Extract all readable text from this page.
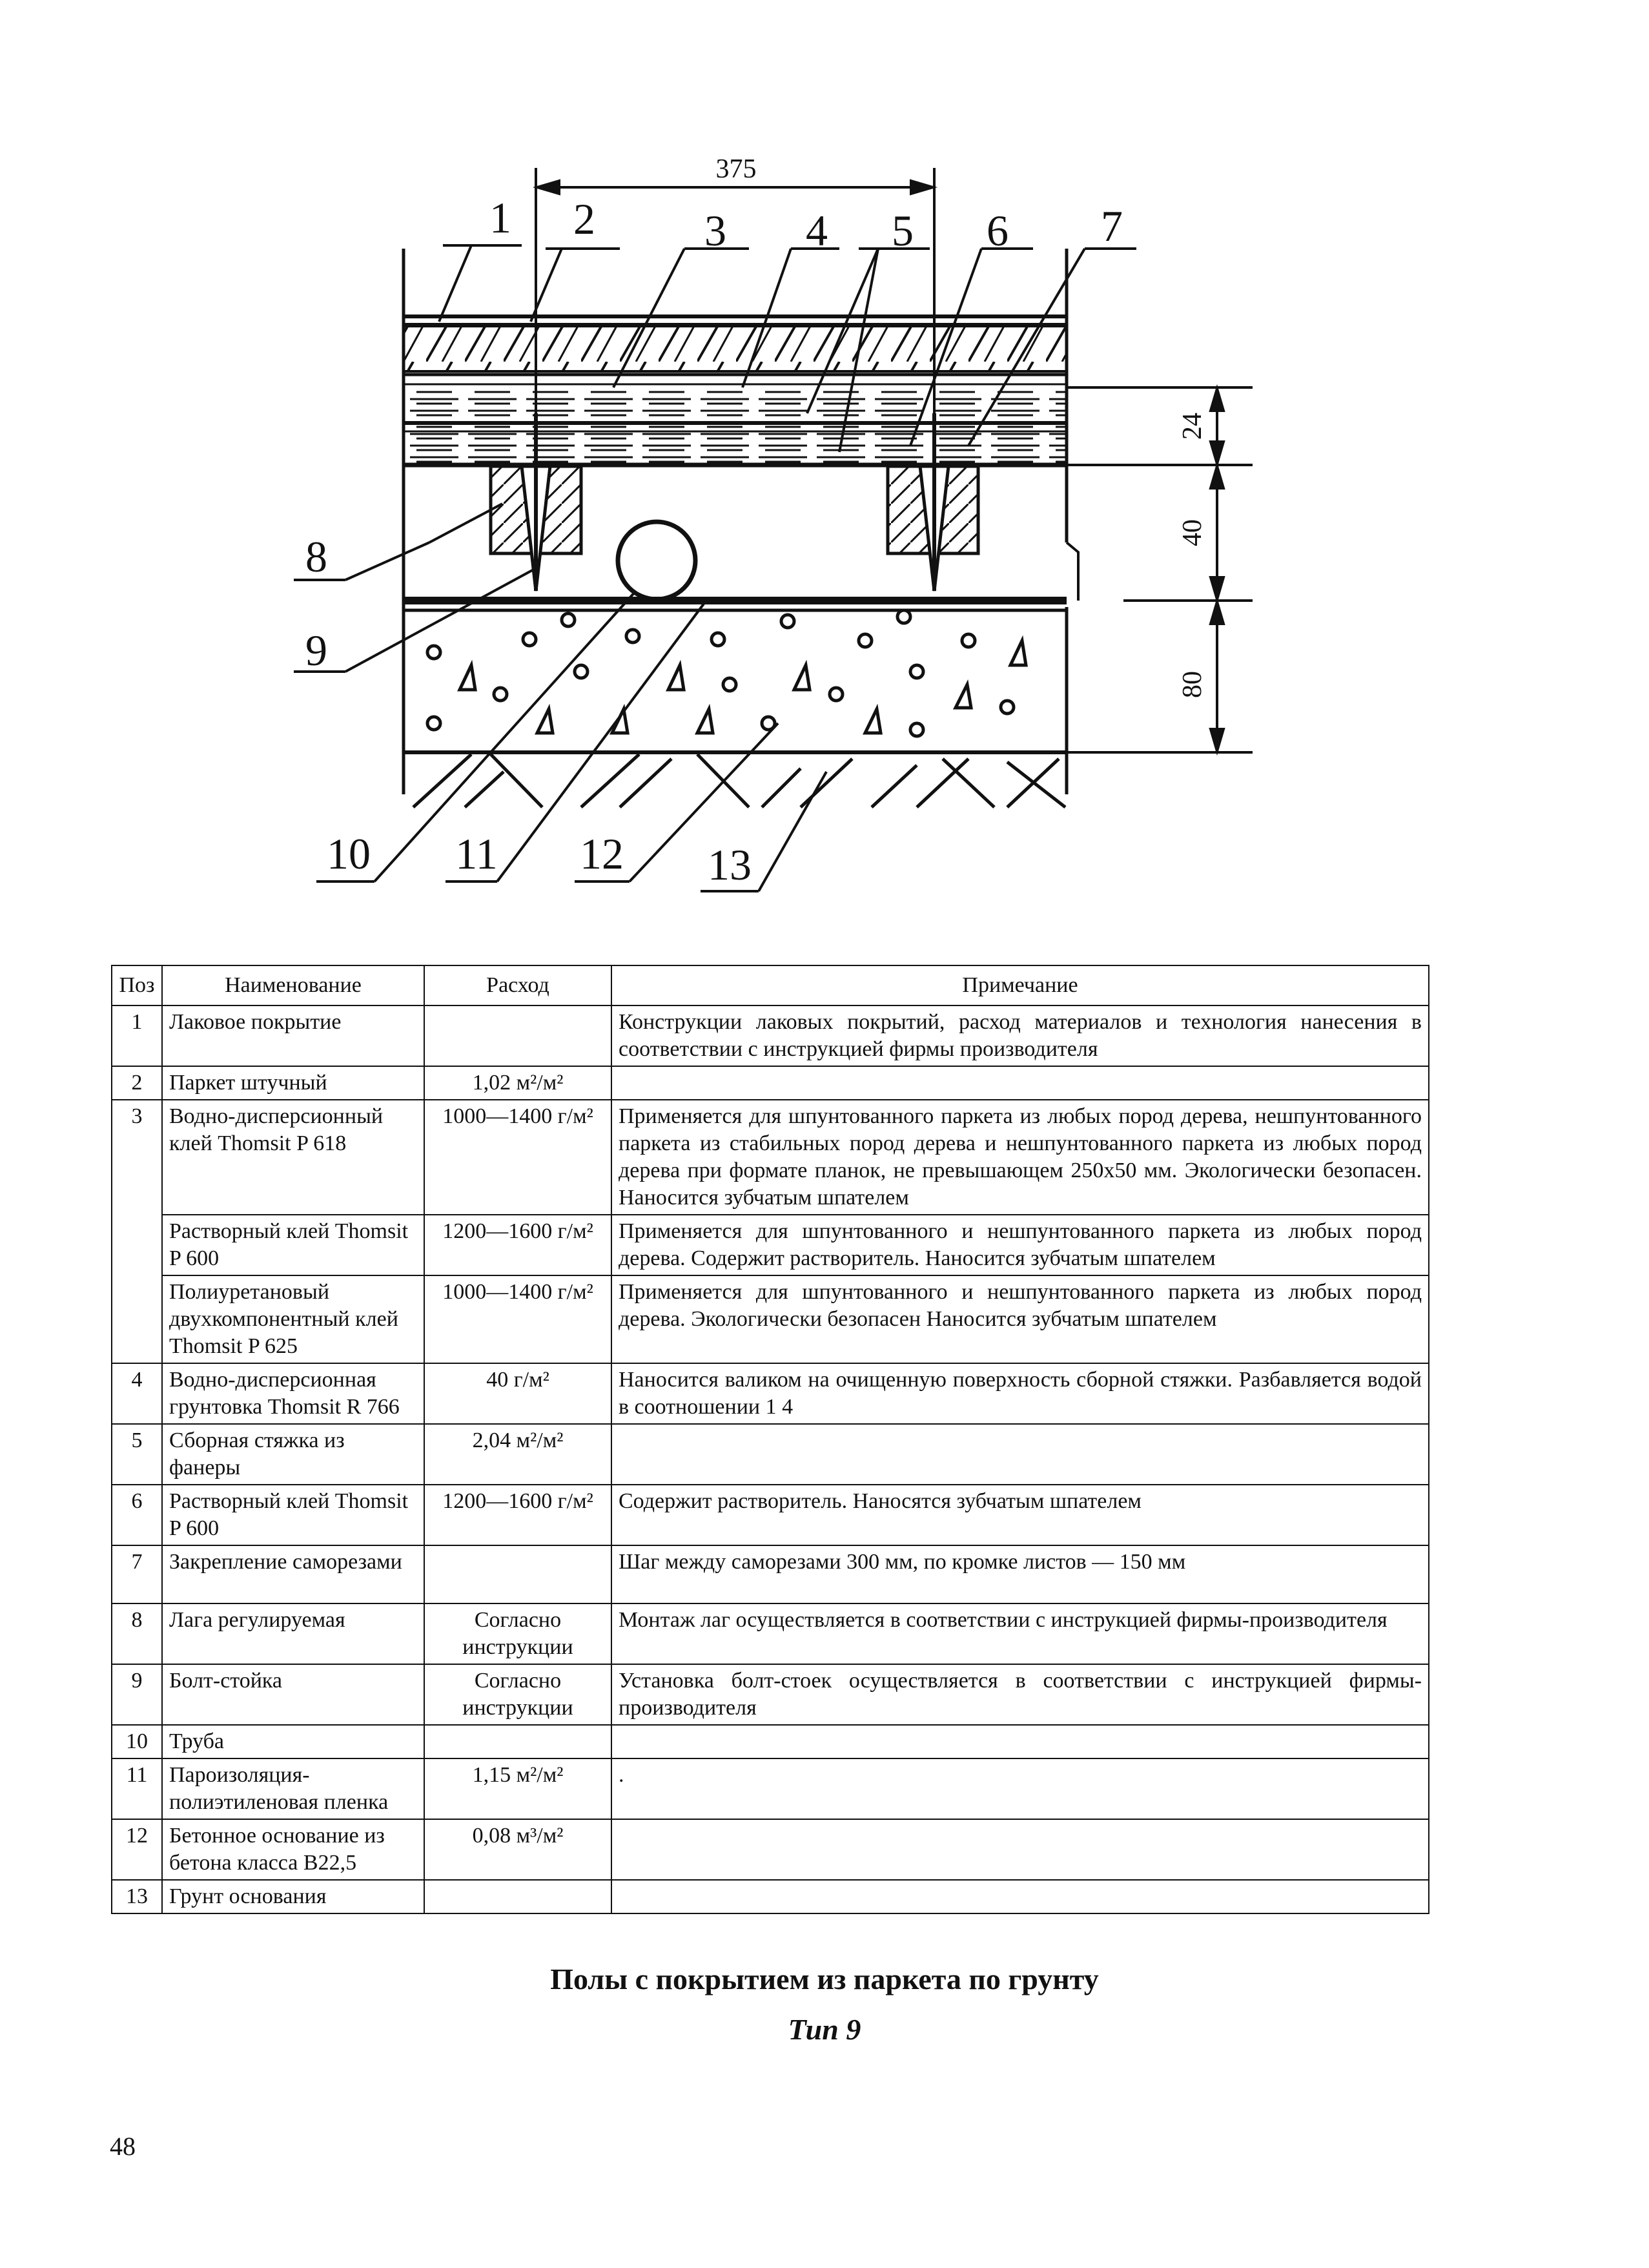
375
24
40
80
1 2 3 4 5 6 7
8
9
10 11 12 13
Поз	Наименование	Расход	Примечание
1	Лаковое покрытие		Конструкции лаковых покрытий, расход материалов и технология нанесения в соответствии с инструкцией фирмы производителя
2	Паркет штучный	1,02 м²/м²	
3	Водно-дисперсионный клей Thomsit P 618	1000—1400 г/м²	Применяется для шпунтованного паркета из любых пород дерева, нешпунтованного паркета из стабильных пород дерева и нешпунтованного паркета из любых пород дерева при формате планок, не превышающем 250x50 мм. Экологически безопасен. Наносится зубчатым шпателем
	Растворный клей Thomsit P 600	1200—1600 г/м²	Применяется для шпунтованного и нешпунтованного паркета из любых пород дерева. Содержит растворитель. Наносится зубчатым шпателем
	Полиуретановый двухкомпонентный клей Thomsit P 625	1000—1400 г/м²	Применяется для шпунтованного и нешпунтованного паркета из любых пород дерева. Экологически безопасен Наносится зубчатым шпателем
4	Водно-дисперсионная грунтовка Thomsit R 766	40 г/м²	Наносится валиком на очищенную поверхность сборной стяжки. Разбавляется водой в соотношении 1 4
5	Сборная стяжка из фанеры	2,04 м²/м²	
6	Растворный клей Thomsit P 600	1200—1600 г/м²	Содержит растворитель. Наносятся зубчатым шпателем
7	Закрепление саморезами		Шаг между саморезами 300 мм, по кромке листов — 150 мм
8	Лага регулируемая	Согласно инструкции	Монтаж лаг осуществляется в соответствии с инструкцией фирмы-производителя
9	Болт-стойка	Согласно инструкции	Установка болт-стоек осуществляется в соответствии с инструкцией фирмы-производителя
10	Труба		
11	Пароизоляция-полиэтиленовая пленка	1,15 м²/м²	.
12	Бетонное основание из бетона класса B22,5	0,08 м³/м²	
13	Грунт основания		
Полы с покрытием из паркета по грунту
Тип 9
48
